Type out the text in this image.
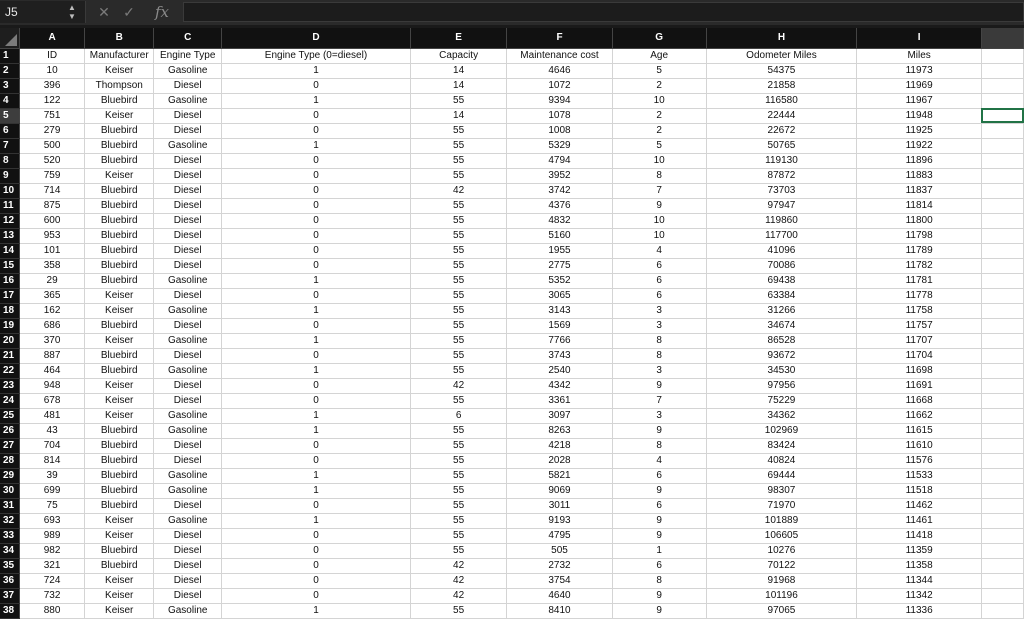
J5	▲
▼ ✕ ✓ fx
	A	B	C	D	E	F	G	H	I	
1	ID	Manufacturer	Engine Type	Engine Type (0=diesel)	Capacity	Maintenance cost	Age	Odometer Miles	Miles	
2	10	Keiser	Gasoline	1	14	4646	5	54375	11973	
3	396	Thompson	Diesel	0	14	1072	2	21858	11969	
4	122	Bluebird	Gasoline	1	55	9394	10	116580	11967	
5	751	Keiser	Diesel	0	14	1078	2	22444	11948	
6	279	Bluebird	Diesel	0	55	1008	2	22672	11925	
7	500	Bluebird	Gasoline	1	55	5329	5	50765	11922	
8	520	Bluebird	Diesel	0	55	4794	10	119130	11896	
9	759	Keiser	Diesel	0	55	3952	8	87872	11883	
10	714	Bluebird	Diesel	0	42	3742	7	73703	11837	
11	875	Bluebird	Diesel	0	55	4376	9	97947	11814	
12	600	Bluebird	Diesel	0	55	4832	10	119860	11800	
13	953	Bluebird	Diesel	0	55	5160	10	117700	11798	
14	101	Bluebird	Diesel	0	55	1955	4	41096	11789	
15	358	Bluebird	Diesel	0	55	2775	6	70086	11782	
16	29	Bluebird	Gasoline	1	55	5352	6	69438	11781	
17	365	Keiser	Diesel	0	55	3065	6	63384	11778	
18	162	Keiser	Gasoline	1	55	3143	3	31266	11758	
19	686	Bluebird	Diesel	0	55	1569	3	34674	11757	
20	370	Keiser	Gasoline	1	55	7766	8	86528	11707	
21	887	Bluebird	Diesel	0	55	3743	8	93672	11704	
22	464	Bluebird	Gasoline	1	55	2540	3	34530	11698	
23	948	Keiser	Diesel	0	42	4342	9	97956	11691	
24	678	Keiser	Diesel	0	55	3361	7	75229	11668	
25	481	Keiser	Gasoline	1	6	3097	3	34362	11662	
26	43	Bluebird	Gasoline	1	55	8263	9	102969	11615	
27	704	Bluebird	Diesel	0	55	4218	8	83424	11610	
28	814	Bluebird	Diesel	0	55	2028	4	40824	11576	
29	39	Bluebird	Gasoline	1	55	5821	6	69444	11533	
30	699	Bluebird	Gasoline	1	55	9069	9	98307	11518	
31	75	Bluebird	Diesel	0	55	3011	6	71970	11462	
32	693	Keiser	Gasoline	1	55	9193	9	101889	11461	
33	989	Keiser	Diesel	0	55	4795	9	106605	11418	
34	982	Bluebird	Diesel	0	55	505	1	10276	11359	
35	321	Bluebird	Diesel	0	42	2732	6	70122	11358	
36	724	Keiser	Diesel	0	42	3754	8	91968	11344	
37	732	Keiser	Diesel	0	42	4640	9	101196	11342	
38	880	Keiser	Gasoline	1	55	8410	9	97065	11336	
